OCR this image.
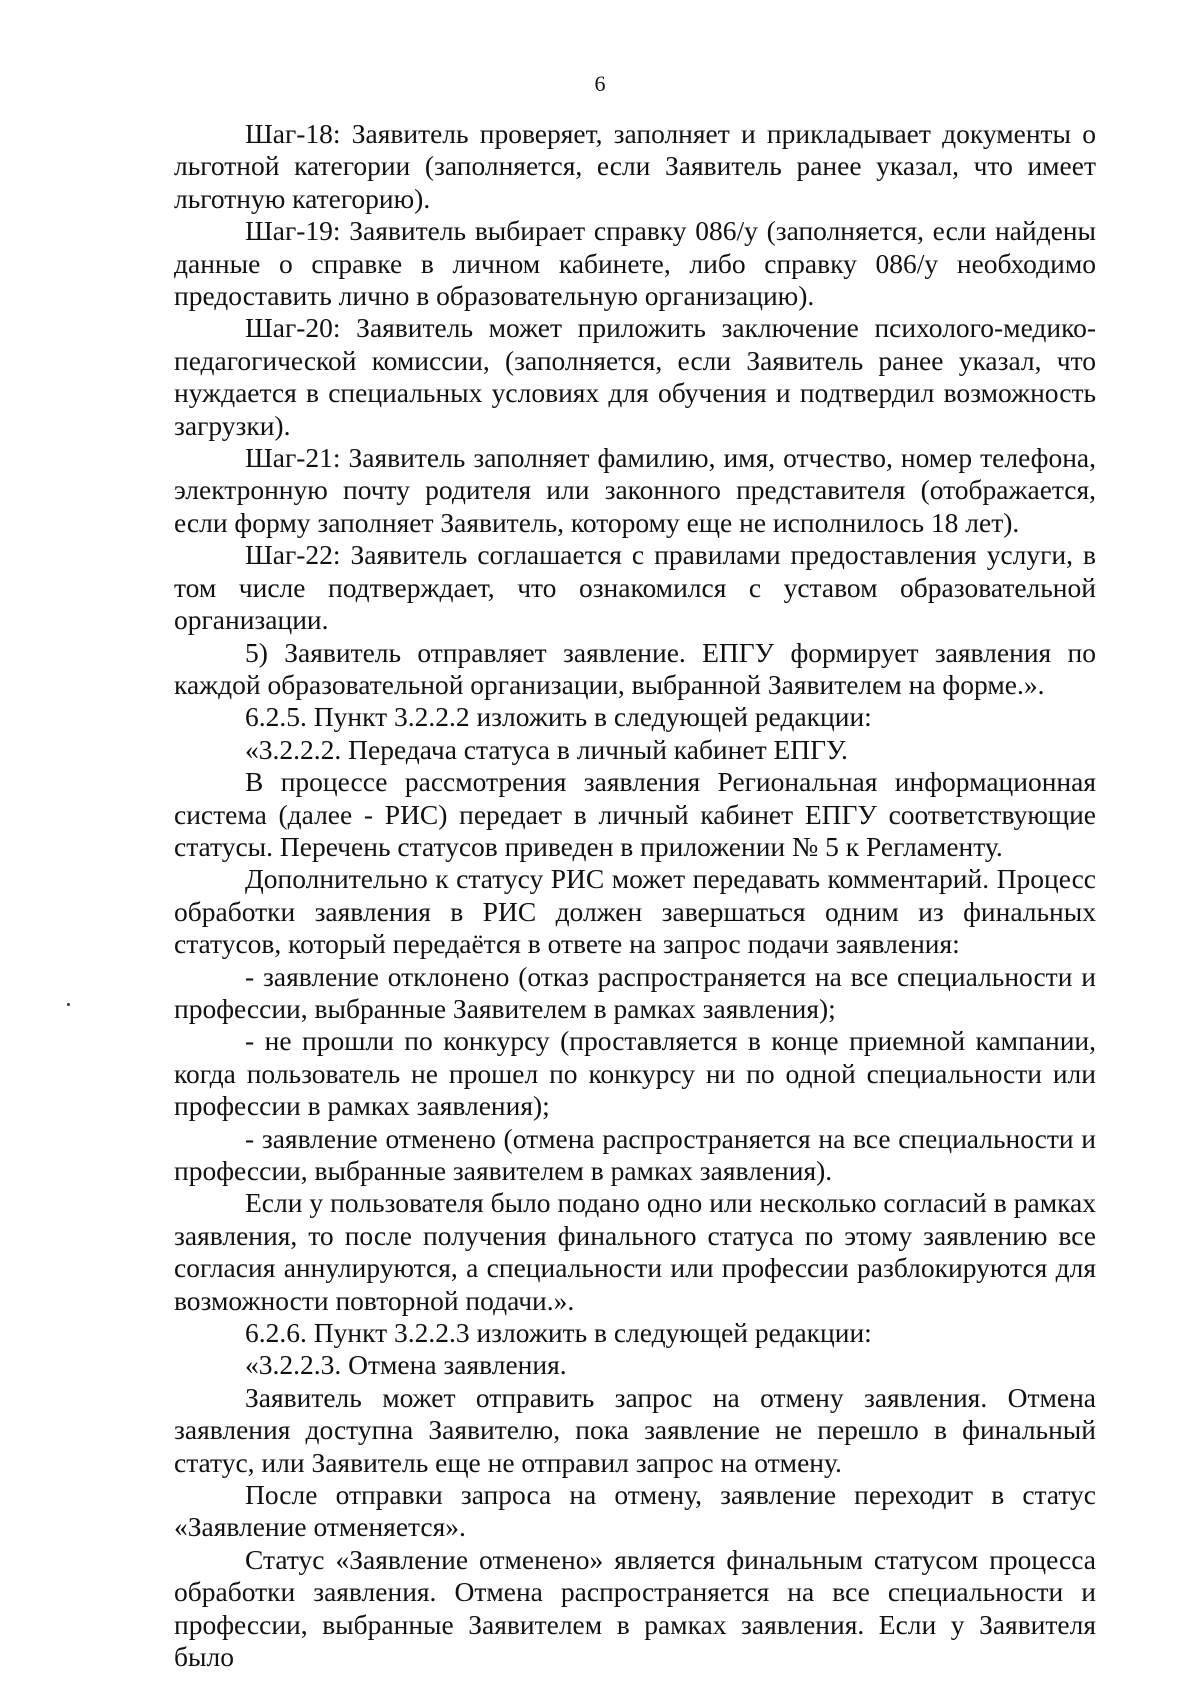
6

Шаг-18: Заявитель проверяет, заполняет и прикладывает документы о льготной категории (заполняется, если Заявитель ранее указал, что имеет льготную категорию).

Шаг-19: Заявитель выбирает справку 086/у (заполняется, если найдены данные о справке в личном кабинете, либо справку 086/у необходимо предоставить лично в образовательную организацию).

Шаг-20: Заявитель может приложить заключение психолого-медико-педагогической комиссии, (заполняется, если Заявитель ранее указал, что нуждается в специальных условиях для обучения и подтвердил возможность загрузки).

Шаг-21: Заявитель заполняет фамилию, имя, отчество, номер телефона, электронную почту родителя или законного представителя (отображается, если форму заполняет Заявитель, которому еще не исполнилось 18 лет).

Шаг-22: Заявитель соглашается с правилами предоставления услуги, в том числе подтверждает, что ознакомился с уставом образовательной организации.

5) Заявитель отправляет заявление. ЕПГУ формирует заявления по каждой образовательной организации, выбранной Заявителем на форме.».

6.2.5. Пункт 3.2.2.2 изложить в следующей редакции:

«3.2.2.2. Передача статуса в личный кабинет ЕПГУ.

В процессе рассмотрения заявления Региональная информационная система (далее - РИС) передает в личный кабинет ЕПГУ соответствующие статусы. Перечень статусов приведен в приложении № 5 к Регламенту.

Дополнительно к статусу РИС может передавать комментарий. Процесс обработки заявления в РИС должен завершаться одним из финальных статусов, который передаётся в ответе на запрос подачи заявления:

- заявление отклонено (отказ распространяется на все специальности и профессии, выбранные Заявителем в рамках заявления);

- не прошли по конкурсу (проставляется в конце приемной кампании, когда пользователь не прошел по конкурсу ни по одной специальности или профессии в рамках заявления);

- заявление отменено (отмена распространяется на все специальности и профессии, выбранные заявителем в рамках заявления).

Если у пользователя было подано одно или несколько согласий в рамках заявления, то после получения финального статуса по этому заявлению все согласия аннулируются, а специальности или профессии разблокируются для возможности повторной подачи.».

6.2.6. Пункт 3.2.2.3 изложить в следующей редакции:

«3.2.2.3. Отмена заявления.

Заявитель может отправить запрос на отмену заявления. Отмена заявления доступна Заявителю, пока заявление не перешло в финальный статус, или Заявитель еще не отправил запрос на отмену.

После отправки запроса на отмену, заявление переходит в статус «Заявление отменяется».

Статус «Заявление отменено» является финальным статусом процесса обработки заявления. Отмена распространяется на все специальности и профессии, выбранные Заявителем в рамках заявления. Если у Заявителя было
